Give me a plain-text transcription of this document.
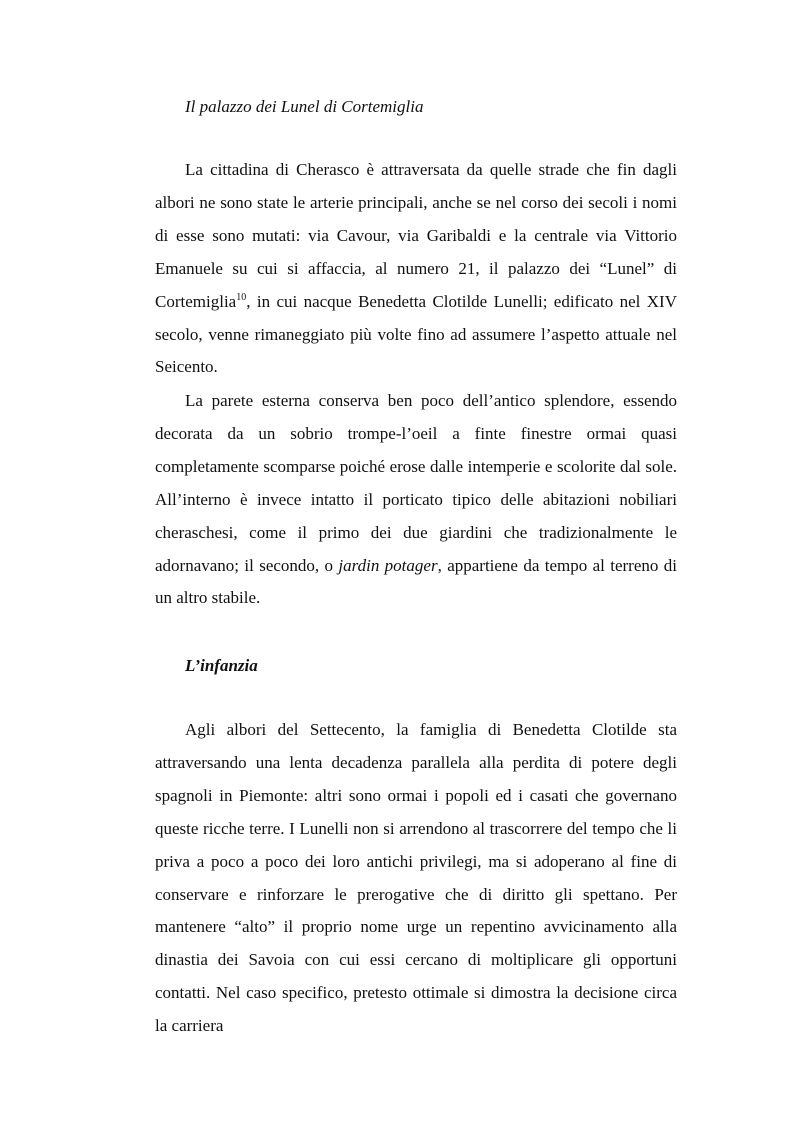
Il palazzo dei Lunel di Cortemiglia

La cittadina di Cherasco è attraversata da quelle strade che fin dagli albori ne sono state le arterie principali, anche se nel corso dei secoli i nomi di esse sono mutati: via Cavour, via Garibaldi e la centrale via Vittorio Emanuele su cui si affaccia, al numero 21, il palazzo dei “Lunel” di Cortemiglia$^{10}$, in cui nacque Benedetta Clotilde Lunelli; edificato nel XIV secolo, venne rimaneggiato più volte fino ad assumere l’aspetto attuale nel Seicento.

La parete esterna conserva ben poco dell’antico splendore, essendo decorata da un sobrio trompe-l’oeil a finte finestre ormai quasi completamente scomparse poiché erose dalle intemperie e scolorite dal sole. All’interno è invece intatto il porticato tipico delle abitazioni nobiliari cheraschesi, come il primo dei due giardini che tradizionalmente le adornavano; il secondo, o jardin potager, appartiene da tempo al terreno di un altro stabile.

L’infanzia

Agli albori del Settecento, la famiglia di Benedetta Clotilde sta attraversando una lenta decadenza parallela alla perdita di potere degli spagnoli in Piemonte: altri sono ormai i popoli ed i casati che governano queste ricche terre. I Lunelli non si arrendono al trascorrere del tempo che li priva a poco a poco dei loro antichi privilegi, ma si adoperano al fine di conservare e rinforzare le prerogative che di diritto gli spettano. Per mantenere “alto” il proprio nome urge un repentino avvicinamento alla dinastia dei Savoia con cui essi cercano di moltiplicare gli opportuni contatti. Nel caso specifico, pretesto ottimale si dimostra la decisione circa la carriera
